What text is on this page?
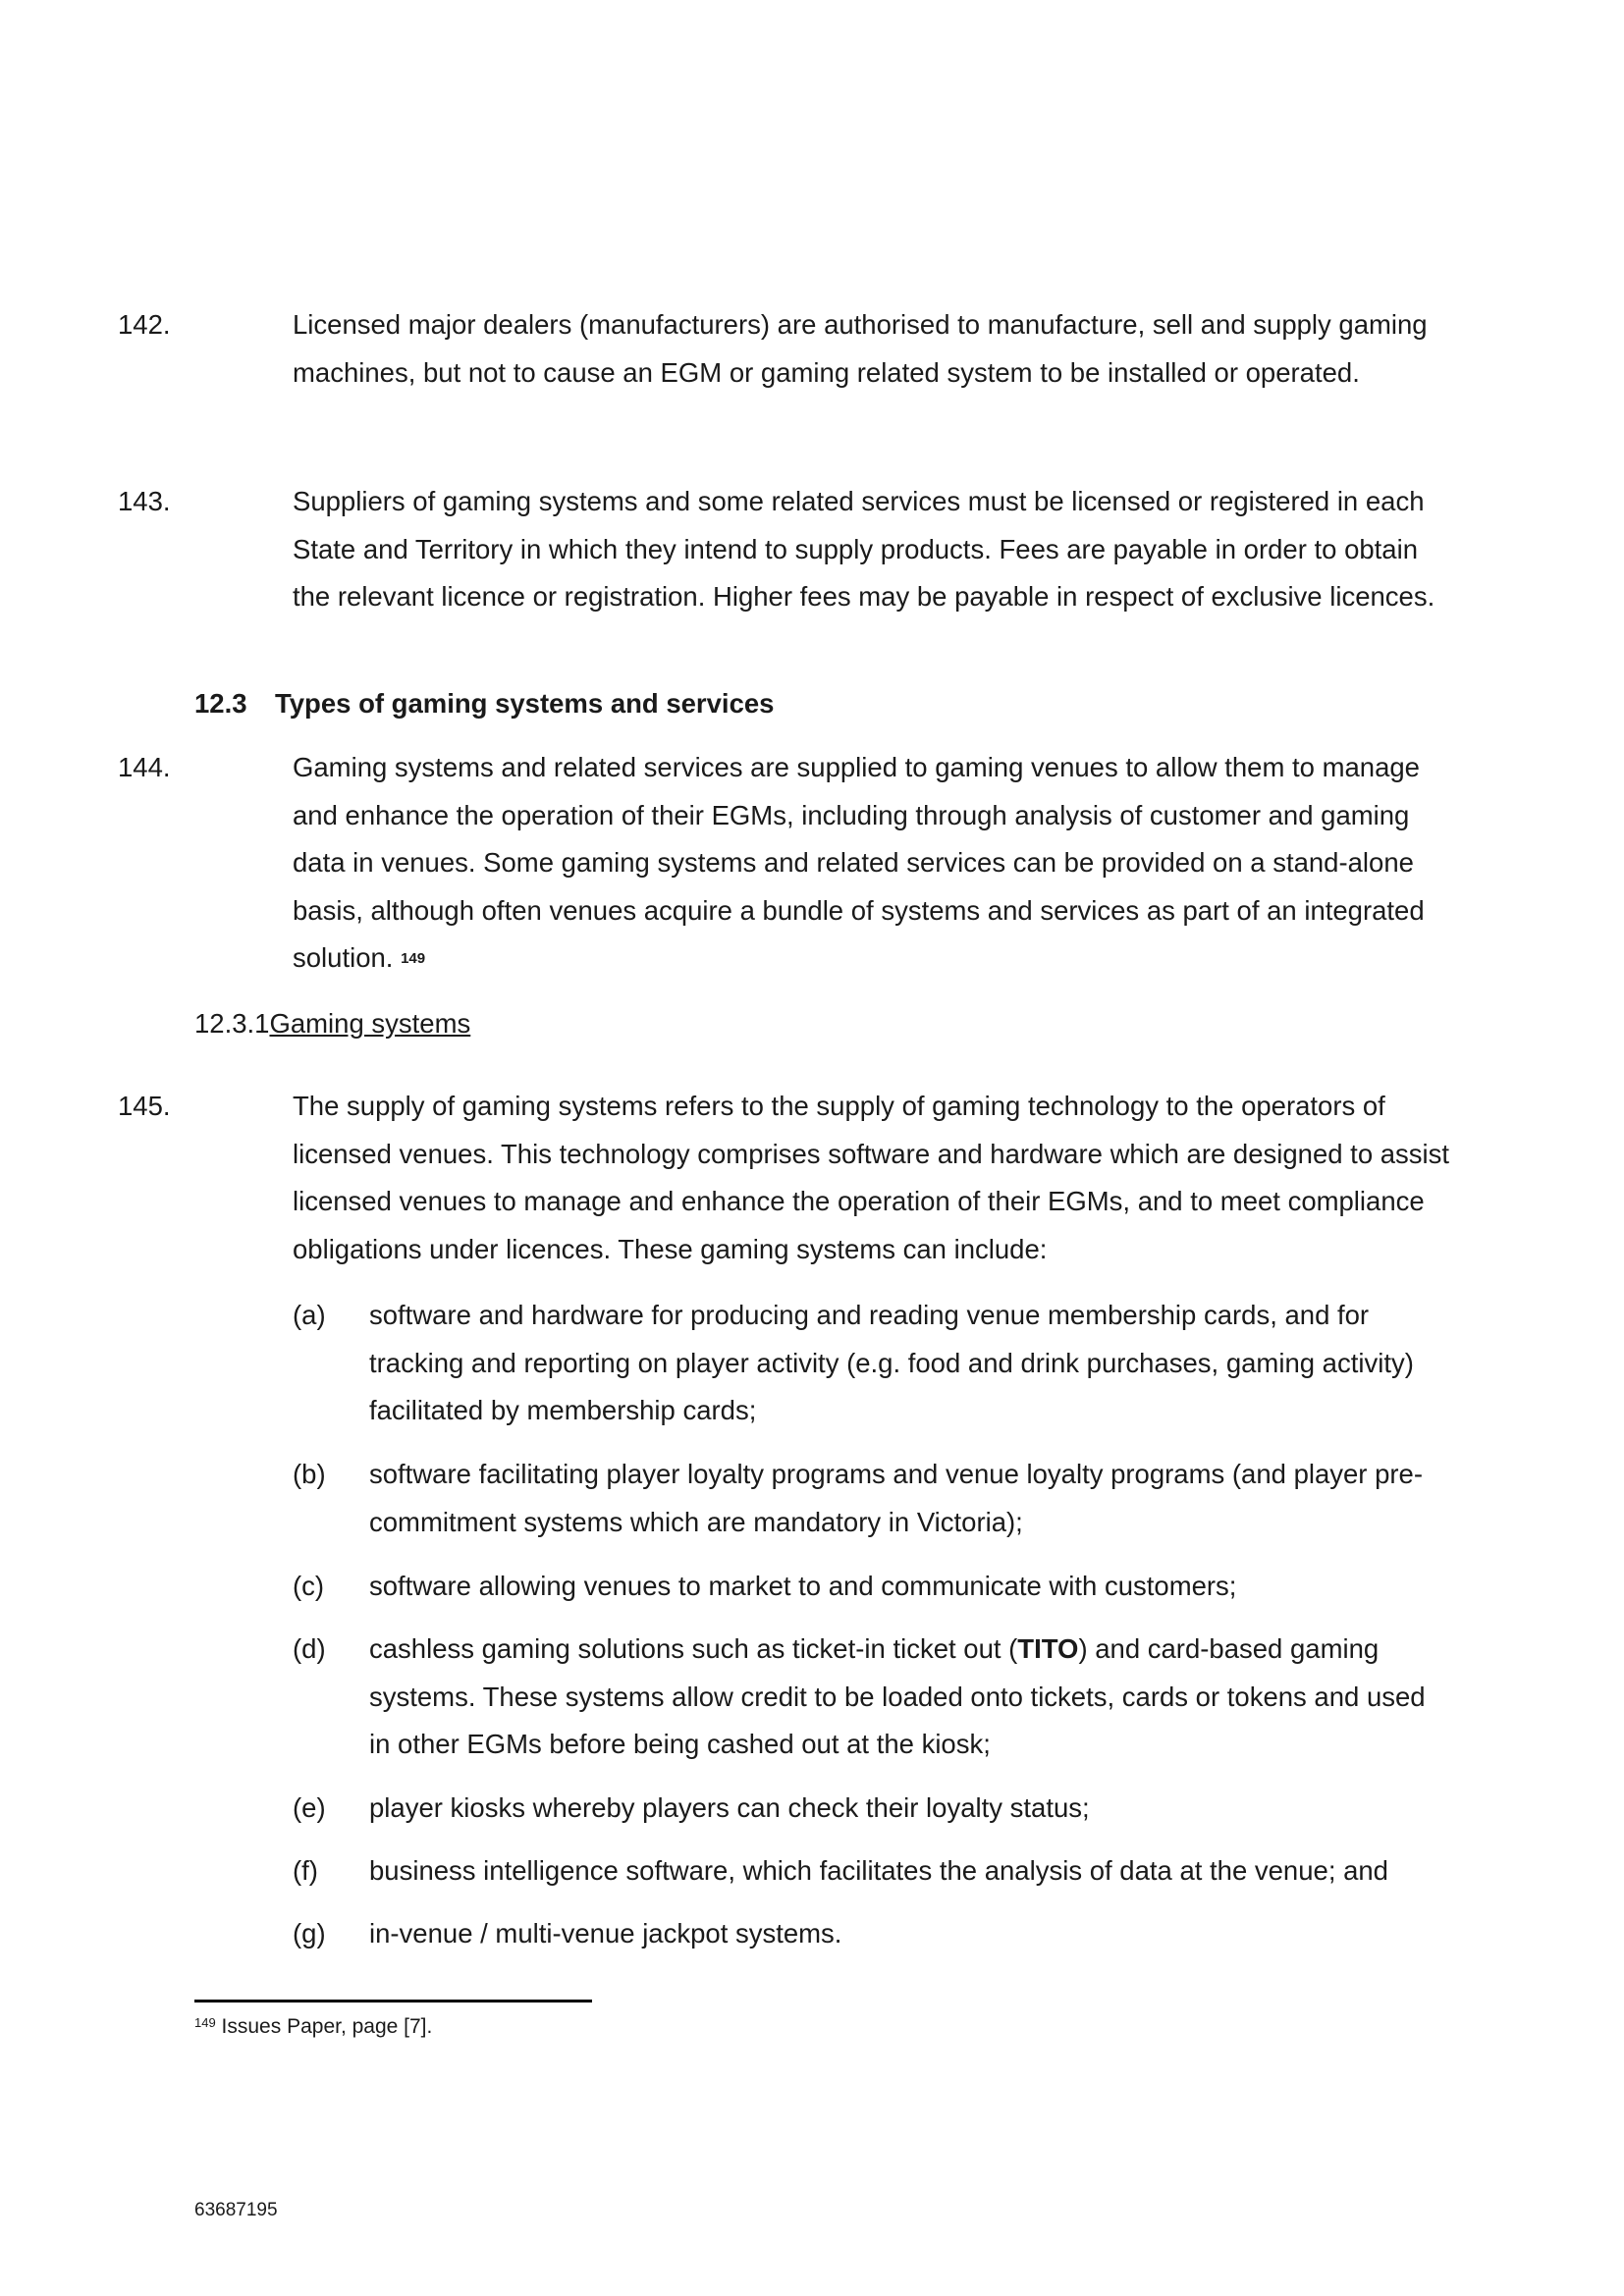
142.	Licensed major dealers (manufacturers) are authorised to manufacture, sell and supply gaming machines, but not to cause an EGM or gaming related system to be installed or operated.
143.	Suppliers of gaming systems and some related services must be licensed or registered in each State and Territory in which they intend to supply products. Fees are payable in order to obtain the relevant licence or registration. Higher fees may be payable in respect of exclusive licences.
12.3 Types of gaming systems and services
144.	Gaming systems and related services are supplied to gaming venues to allow them to manage and enhance the operation of their EGMs, including through analysis of customer and gaming data in venues. Some gaming systems and related services can be provided on a stand-alone basis, although often venues acquire a bundle of systems and services as part of an integrated solution. $^{149}$
12.3.1Gaming systems
145.	The supply of gaming systems refers to the supply of gaming technology to the operators of licensed venues. This technology comprises software and hardware which are designed to assist licensed venues to manage and enhance the operation of their EGMs, and to meet compliance obligations under licences. These gaming systems can include:
(a) software and hardware for producing and reading venue membership cards, and for tracking and reporting on player activity (e.g. food and drink purchases, gaming activity) facilitated by membership cards;
(b) software facilitating player loyalty programs and venue loyalty programs (and player pre-commitment systems which are mandatory in Victoria);
(c) software allowing venues to market to and communicate with customers;
(d) cashless gaming solutions such as ticket-in ticket out (TITO) and card-based gaming systems. These systems allow credit to be loaded onto tickets, cards or tokens and used in other EGMs before being cashed out at the kiosk;
(e) player kiosks whereby players can check their loyalty status;
(f) business intelligence software, which facilitates the analysis of data at the venue; and
(g) in-venue / multi-venue jackpot systems.
$^{149}$ Issues Paper, page [7].
63687195
